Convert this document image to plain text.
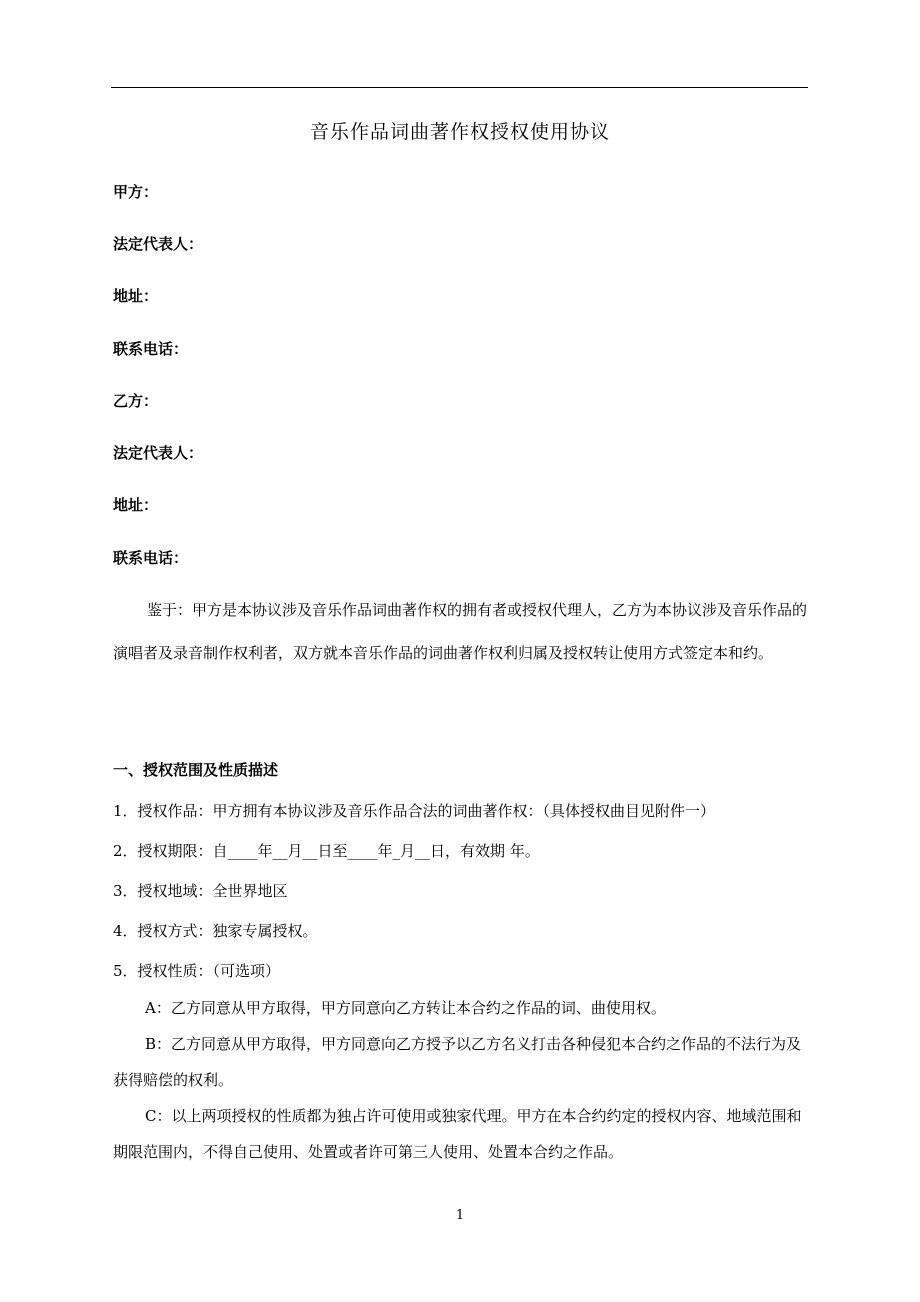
音乐作品词曲著作权授权使用协议
甲方：
法定代表人：
地址：
联系电话：
乙方：
法定代表人：
地址：
联系电话：
鉴于：甲方是本协议涉及音乐作品词曲著作权的拥有者或授权代理人，乙方为本协议涉及音乐作品的演唱者及录音制作权利者，双方就本音乐作品的词曲著作权利归属及授权转让使用方式签定本和约。
一、授权范围及性质描述
1．授权作品：甲方拥有本协议涉及音乐作品合法的词曲著作权：（具体授权曲目见附件一）
2．授权期限：自____年__月__日至____年_月__日，有效期 年。
3．授权地域：全世界地区
4．授权方式：独家专属授权。
5．授权性质：（可选项）
A：乙方同意从甲方取得，甲方同意向乙方转让本合约之作品的词、曲使用权。
B：乙方同意从甲方取得，甲方同意向乙方授予以乙方名义打击各种侵犯本合约之作品的不法行为及获得赔偿的权利。
C：以上两项授权的性质都为独占许可使用或独家代理。甲方在本合约约定的授权内容、地域范围和期限范围内，不得自己使用、处置或者许可第三人使用、处置本合约之作品。
1
